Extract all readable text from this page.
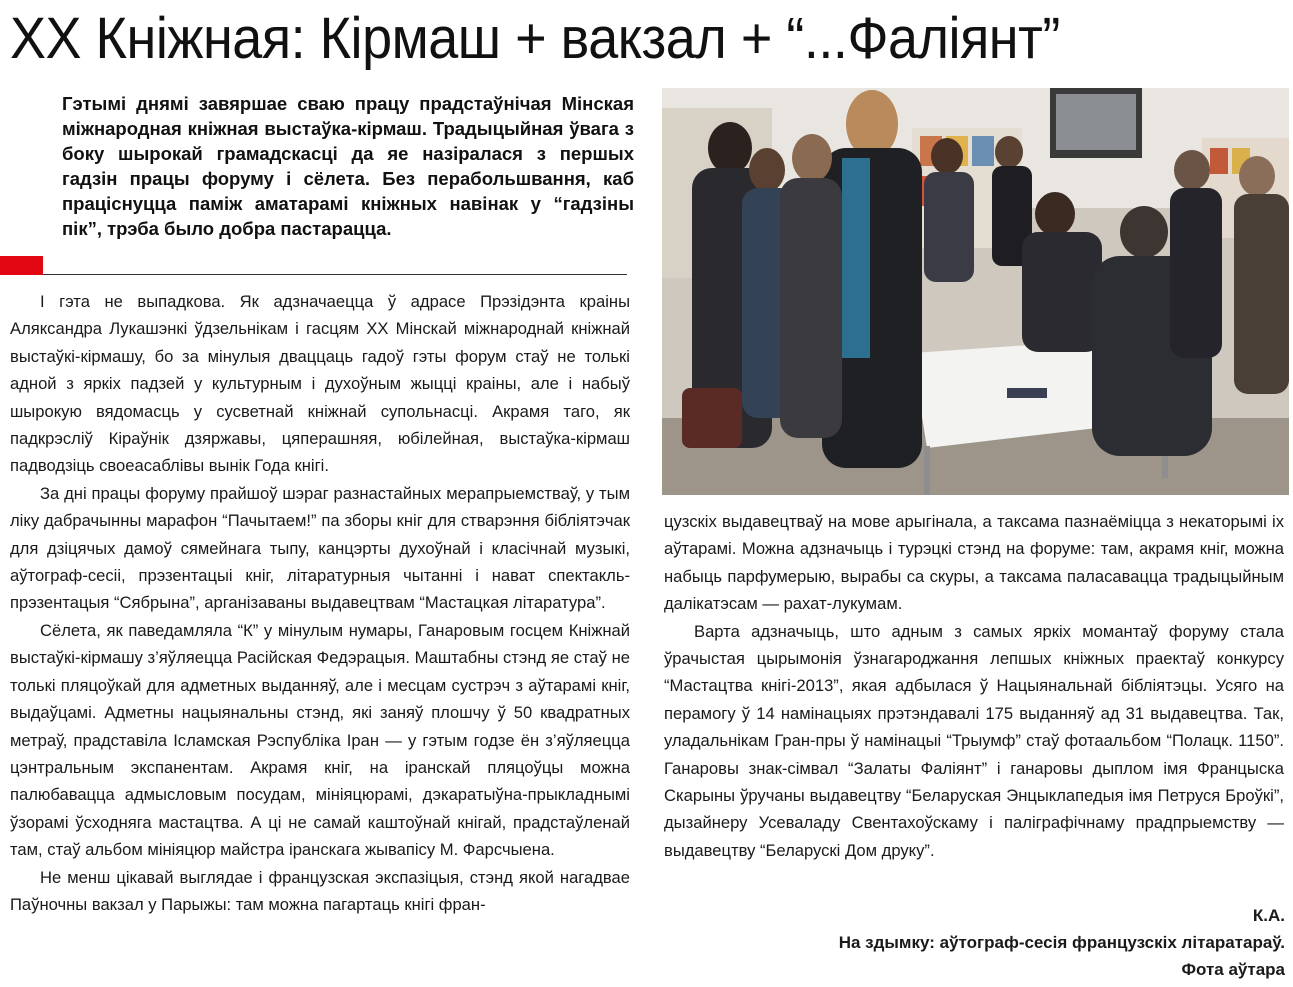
XX Кніжная: Кірмаш + вакзал + “...Фаліянт”

Гэтымі днямі завяршае сваю працу прадстаўнічая Мінская міжнародная кніжная выстаўка-кірмаш. Традыцыйная ўвага з боку шырокай грамадскасці да яе назіралася з першых гадзін працы форуму і сёлета. Без перабольшвання, каб праціснуцца паміж аматарамі кніжных навінак у “гадзіны пік”, трэба было добра пастарацца.

І гэта не выпадкова. Як адзначаецца ў адрасе Прэзідэнта краіны Аляксандра Лукашэнкі ўдзельнікам і гасцям XX Мінскай міжнароднай кніжнай выстаўкі-кірмашу, бо за мінулыя дваццаць гадоў гэты форум стаў не толькі адной з яркіх падзей у культурным і духоўным жыцці краіны, але і набыў шырокую вядомасць у сусветнай кніжнай супольнасці. Акрамя таго, як падкрэсліў Кіраўнік дзяржавы, цяперашняя, юбілейная, выстаўка-кірмаш падводзіць своеасаблівы вынік Года кнігі.

За дні працы форуму прайшоў шэраг разнастайных мерапрыемстваў, у тым ліку дабрачынны марафон “Пачытаем!” па зборы кніг для стварэння бібліятэчак для дзіцячых дамоў сямейнага тыпу, канцэрты духоўнай і класічнай музыкі, аўтограф-сесіі, прэзентацыі кніг, літаратурныя чытанні і нават спектакль-прэзентацыя “Сябрына”, арганізаваны выдавецтвам “Мастацкая літаратура”.

Сёлета, як паведамляла “К” у мінулым нумары, Ганаровым госцем Кніжнай выстаўкі-кірмашу з’яўляецца Расійская Федэрацыя. Маштабны стэнд яе стаў не толькі пляцоўкай для адметных выданняў, але і месцам сустрэч з аўтарамі кніг, выдаўцамі. Адметны нацыянальны стэнд, які заняў плошчу ў 50 квадратных метраў, прадставіла Ісламская Рэспубліка Іран — у гэтым годзе ён з’яўляецца цэнтральным экспанентам. Акрамя кніг, на іранскай пляцоўцы можна палюбавацца адмысловым посудам, мініяцюрамі, дэкаратыўна-прыкладнымі ўзорамі ўсходняга мастацтва. А ці не самай каштоўнай кнігай, прадстаўленай там, стаў альбом мініяцюр майстра іранскага жывапісу М. Фарсчыена.

Не менш цікавай выглядае і французская экспазіцыя, стэнд якой нагадвае Паўночны вакзал у Парыжы: там можна пагартаць кнігі фран-

цузскіх выдавецтваў на мове арыгінала, а таксама пазнаёміцца з некаторымі іх аўтарамі. Можна адзначыць і турэцкі стэнд на форуме: там, акрамя кніг, можна набыць парфумерыю, вырабы са скуры, а таксама паласавацца традыцыйным далікатэсам — рахат-лукумам.

Варта адзначыць, што адным з самых яркіх момантаў форуму стала ўрачыстая цырымонія ўзнагароджання лепшых кніжных праектаў конкурсу “Мастацтва кнігі-2013”, якая адбылася ў Нацыянальнай бібліятэцы. Усяго на перамогу ў 14 намінацыях прэтэндавалі 175 выданняў ад 31 выдавецтва. Так, уладальнікам Гран-пры ў намінацыі “Трыумф” стаў фотаальбом “Полацк. 1150”. Ганаровы знак-сімвал “Залаты Фаліянт” і ганаровы дыплом імя Францыска Скарыны ўручаны выдавецтву “Беларуская Энцыклапедыя імя Петруся Броўкі”, дызайнеру Усеваладу Свентахоўскаму і паліграфічнаму прадпрыемству — выдавецтву “Беларускі Дом друку”.

К.А.
На здымку: аўтограф-сесія французскіх літаратараў.
Фота аўтара
